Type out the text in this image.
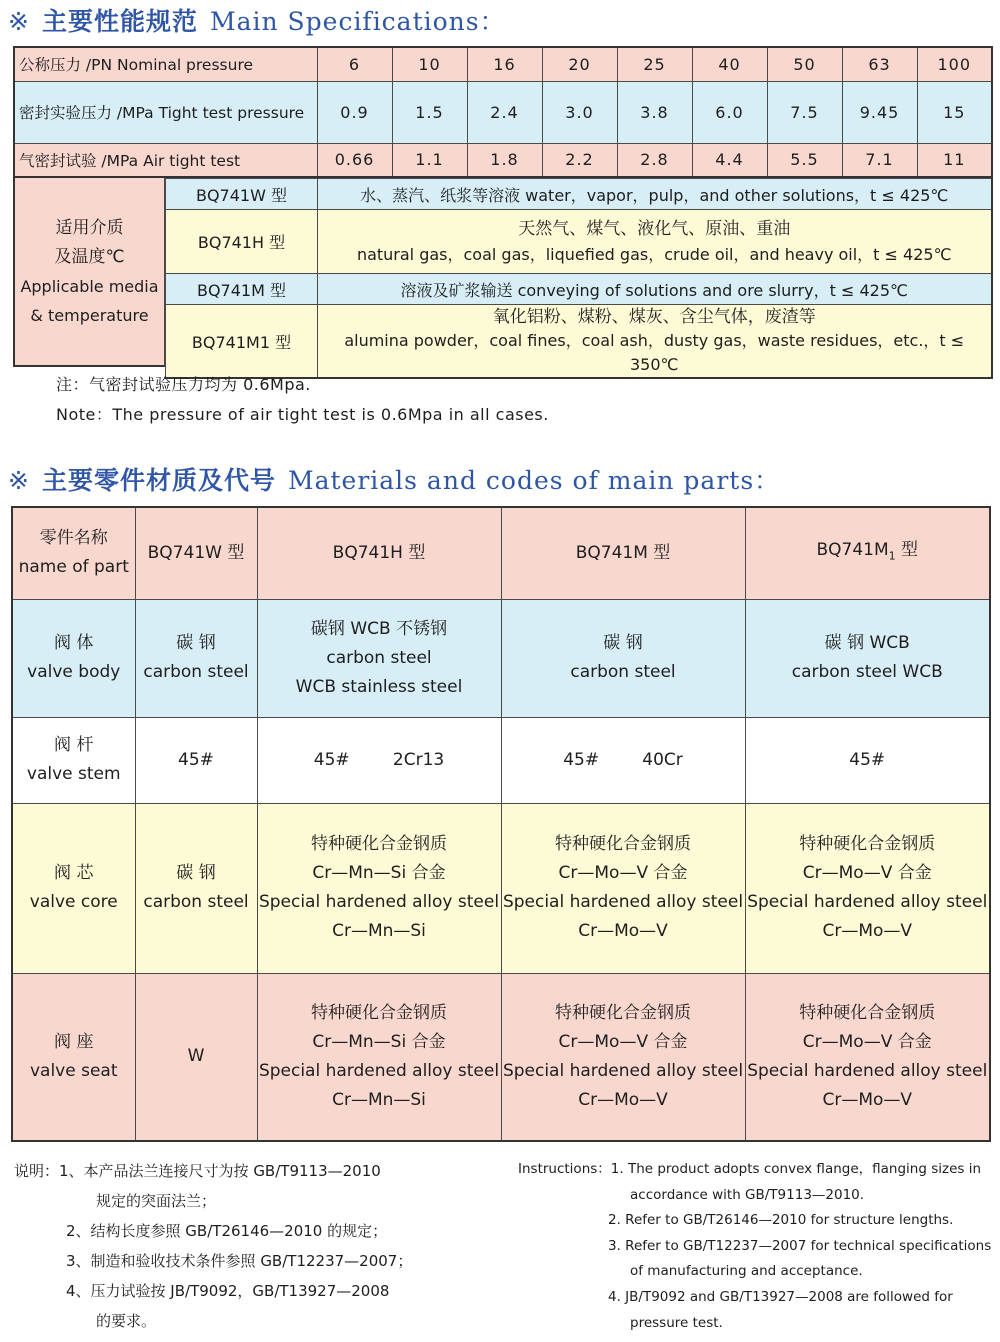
※ 主要性能规范 Main Specifications：
公称压力 /PN Nominal pressure	6	10	16	20	25	40	50	63	100
密封实验压力 /MPa Tight test pressure	0.9	1.5	2.4	3.0	3.8	6.0	7.5	9.45	15
气密封试验 /MPa Air tight test	0.66	1.1	1.8	2.2	2.8	4.4	5.5	7.1	11
BQ741W 型	水、蒸汽、纸浆等溶液 water，vapor，pulp，and other solutions，t ≤ 425℃
BQ741H 型	天然气、煤气、液化气、原油、重油
natural gas，coal gas，liquefied gas，crude oil，and heavy oil，t ≤ 425℃

BQ741M 型	溶液及矿浆输送 conveying of solutions and ore slurry，t ≤ 425℃
BQ741M1 型	氧化铝粉、煤粉、煤灰、含尘气体，废渣等
alumina powder，coal fines，coal ash，dusty gas，waste residues，etc.，t ≤ 350℃
适用介质
及温度℃
Applicable media
& temperature
注：气密封试验压力均为 0.6Mpa.
Note：The pressure of air tight test is 0.6Mpa in all cases.
※ 主要零件材质及代号 Materials and codes of main parts：
零件名称
name of part	BQ741W 型	BQ741H 型	BQ741M 型	$BQ741M_1$ 型

阀 体
valve body	碳 钢
carbon steel	碳钢 WCB 不锈钢
carbon steel
WCB stainless steel	碳 钢
carbon steel	碳 钢 WCB
carbon steel WCB

阀 杆
valve stem	45#	45#        2Cr13	45#        40Cr	45#

阀 芯
valve core	碳 钢
carbon steel	特种硬化合金钢质
Cr—Mn—Si 合金
Special hardened alloy steel
Cr—Mn—Si	特种硬化合金钢质
Cr—Mo—V 合金
Special hardened alloy steel
Cr—Mo—V	特种硬化合金钢质
Cr—Mo—V 合金
Special hardened alloy steel
Cr—Mo—V

阀 座
valve seat	W	特种硬化合金钢质
Cr—Mn—Si 合金
Special hardened alloy steel
Cr—Mn—Si	特种硬化合金钢质
Cr—Mo—V 合金
Special hardened alloy steel
Cr—Mo—V	特种硬化合金钢质
Cr—Mo—V 合金
Special hardened alloy steel
Cr—Mo—V
说明：1、本产品法兰连接尺寸为按 GB/T9113—2010
规定的突面法兰；
2、结构长度参照 GB/T26146—2010 的规定；
3、制造和验收技术条件参照 GB/T12237—2007；
4、压力试验按 JB/T9092，GB/T13927—2008
的要求。
Instructions：1. The product adopts convex flange，flanging sizes in
accordance with GB/T9113—2010.
2. Refer to GB/T26146—2010 for structure lengths.
3. Refer to GB/T12237—2007 for technical specifications
of manufacturing and acceptance.
4. JB/T9092 and GB/T13927—2008 are followed for
pressure test.
